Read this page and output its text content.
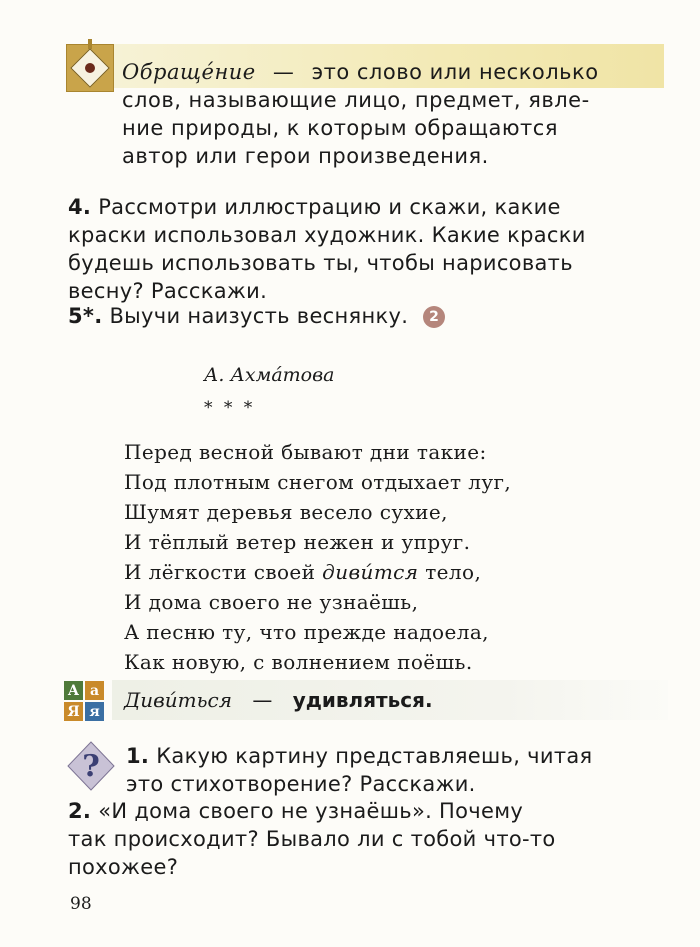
Обраще́ние — это слово или несколько
слов, называющие лицо, предмет, явле-
ние природы, к которым обращаются
автор или герои произведения.
4. Рассмотри иллюстрацию и скажи, какие
краски использовал художник. Какие краски
будешь использовать ты, чтобы нарисовать
весну? Расскажи.
5*. Выучи наизусть веснянку. 2
А. Ахма́това
* * *
Перед весной бывают дни такие:
Под плотным снегом отдыхает луг,
Шумят деревья весело сухие,
И тёплый ветер нежен и упруг.
И лёгкости своей диви́тся тело,
И дома своего не узнаёшь,
А песню ту, что прежде надоела,
Как новую, с волнением поёшь.
А а
Я я Диви́ться — удивляться.
? 1. Какую картину представляешь, читая
это стихотворение? Расскажи.
2. «И дома своего не узнаёшь». Почему
так происходит? Бывало ли с тобой что-то
похожее?
98
